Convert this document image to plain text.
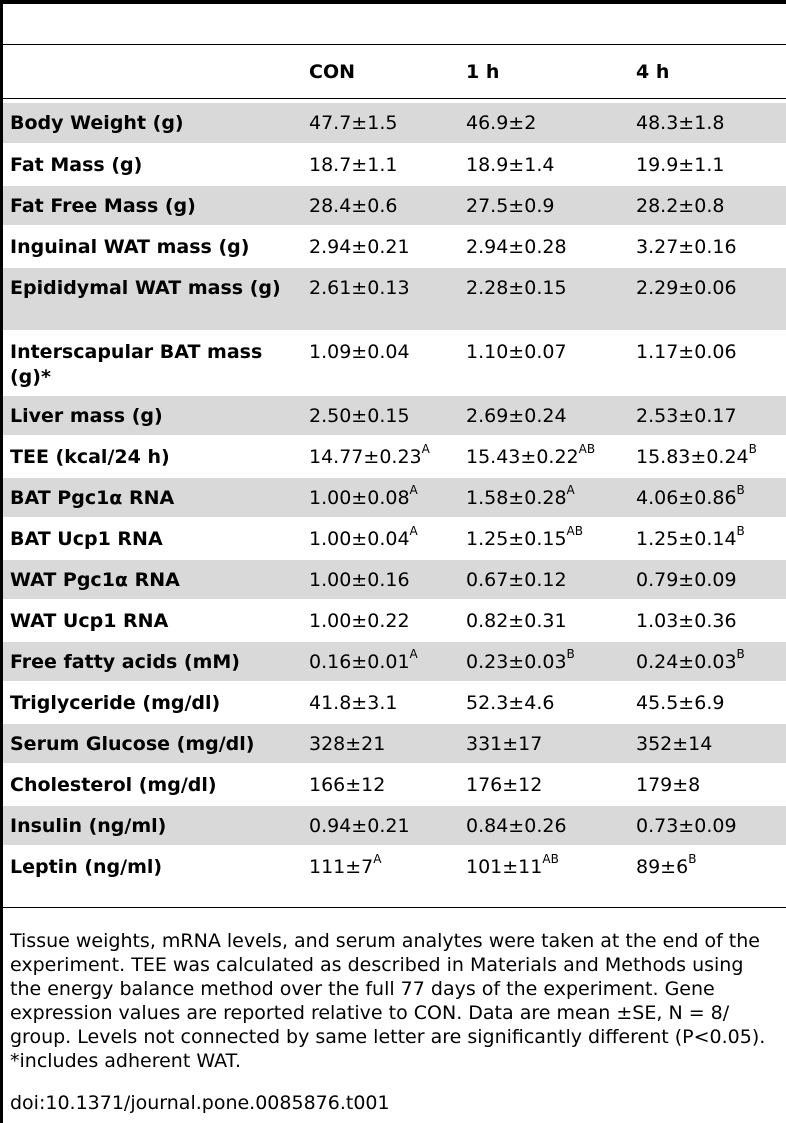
	CON	1 h	4 h
Body Weight (g)	47.7±1.5	46.9±2	48.3±1.8
Fat Mass (g)	18.7±1.1	18.9±1.4	19.9±1.1
Fat Free Mass (g)	28.4±0.6	27.5±0.9	28.2±0.8
Inguinal WAT mass (g)	2.94±0.21	2.94±0.28	3.27±0.16
Epididymal WAT mass (g)	2.61±0.13	2.28±0.15	2.29±0.06
Interscapular BAT mass (g)*	1.09±0.04	1.10±0.07	1.17±0.06
Liver mass (g)	2.50±0.15	2.69±0.24	2.53±0.17
TEE (kcal/24 h)	$14.77\pm 0.23^A$	$15.43\pm 0.22^{AB}$	$15.83\pm 0.24^B$
BAT Pgc1α RNA	$1.00\pm 0.08^A$	$1.58\pm 0.28^A$	$4.06\pm 0.86^B$
BAT Ucp1 RNA	$1.00\pm 0.04^A$	$1.25\pm 0.15^{AB}$	$1.25\pm 0.14^B$
WAT Pgc1α RNA	1.00±0.16	0.67±0.12	0.79±0.09
WAT Ucp1 RNA	1.00±0.22	0.82±0.31	1.03±0.36
Free fatty acids (mM)	$0.16\pm 0.01^A$	$0.23\pm 0.03^B$	$0.24\pm 0.03^B$
Triglyceride (mg/dl)	41.8±3.1	52.3±4.6	45.5±6.9
Serum Glucose (mg/dl)	328±21	331±17	352±14
Cholesterol (mg/dl)	166±12	176±12	179±8
Insulin (ng/ml)	0.94±0.21	0.84±0.26	0.73±0.09
Leptin (ng/ml)	$111\pm 7^A$	$101\pm 11^{AB}$	$89\pm 6^B$

Tissue weights, mRNA levels, and serum analytes were taken at the end of the

experiment. TEE was calculated as described in Materials and Methods using

the energy balance method over the full 77 days of the experiment. Gene

expression values are reported relative to CON. Data are mean ±SE, N = 8/

group. Levels not connected by same letter are significantly different (P<0.05).

*includes adherent WAT.

doi:10.1371/journal.pone.0085876.t001
